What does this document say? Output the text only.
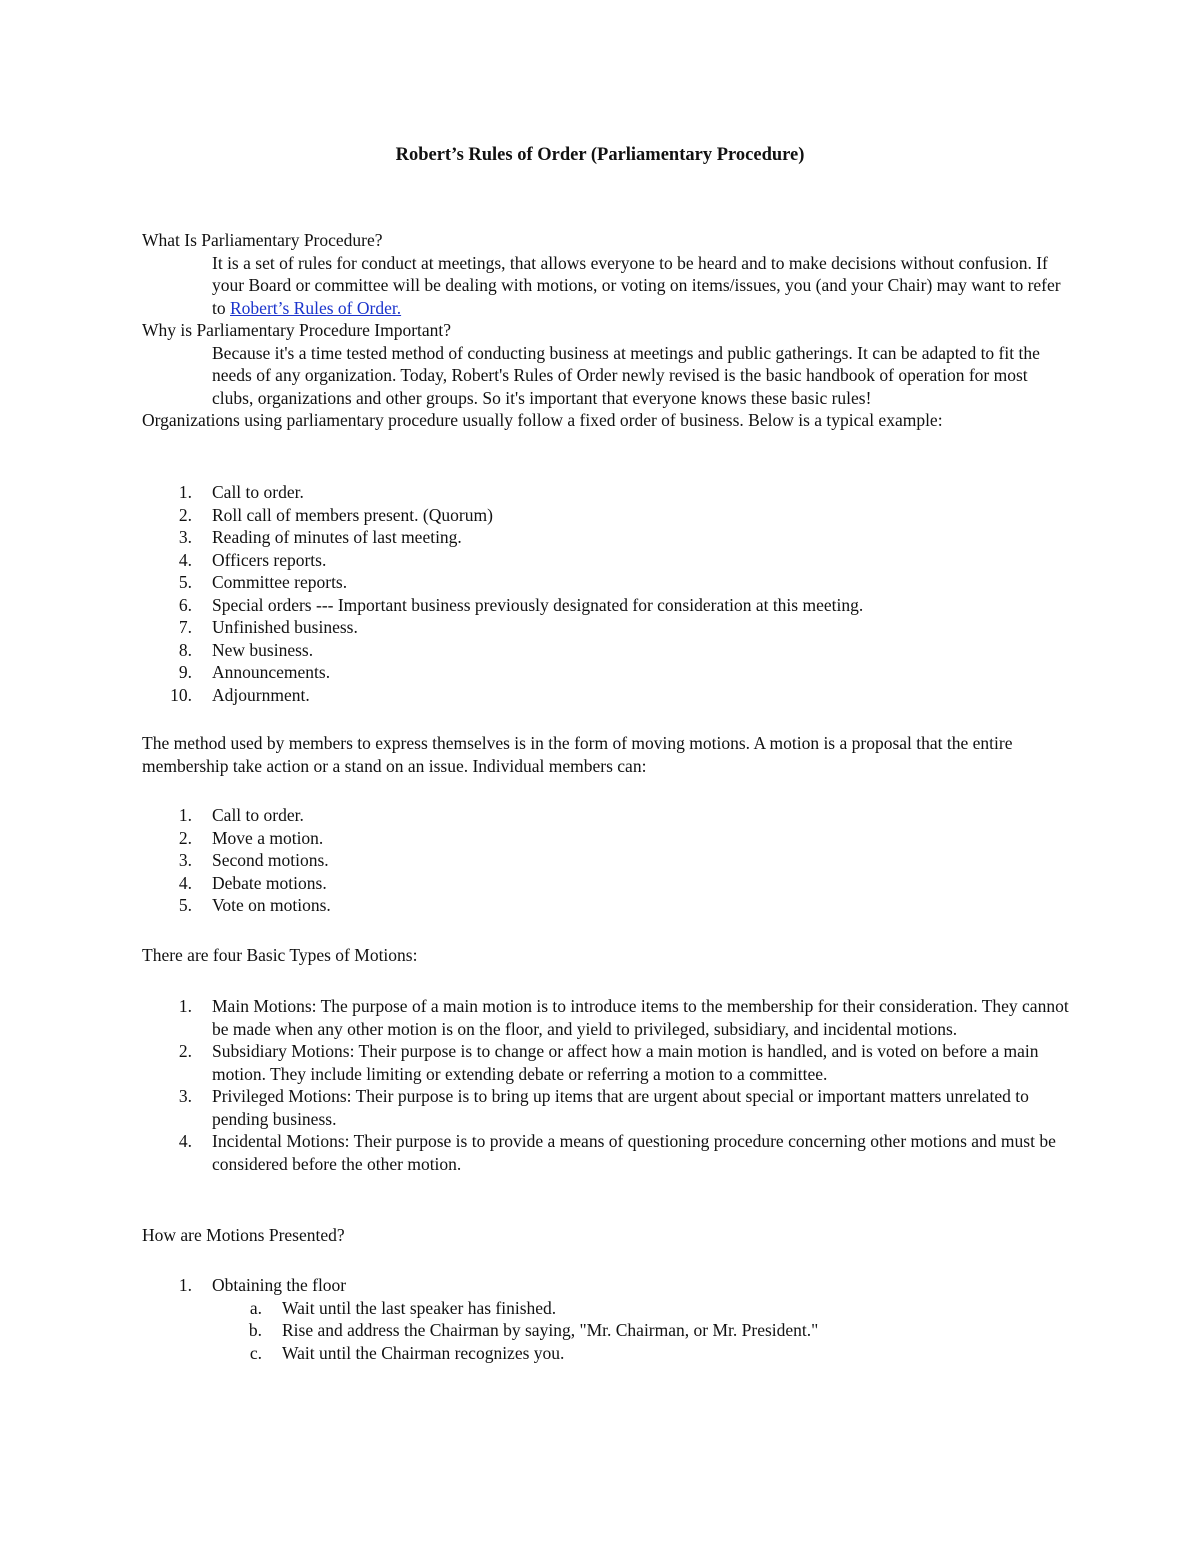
Robert’s Rules of Order (Parliamentary Procedure)

What Is Parliamentary Procedure?

It is a set of rules for conduct at meetings, that allows everyone to be heard and to make decisions without confusion. If your Board or committee will be dealing with motions, or voting on items/issues, you (and your Chair) may want to refer to Robert’s Rules of Order.

Why is Parliamentary Procedure Important?

Because it's a time tested method of conducting business at meetings and public gatherings. It can be adapted to fit the needs of any organization. Today, Robert's Rules of Order newly revised is the basic handbook of operation for most clubs, organizations and other groups. So it's important that everyone knows these basic rules!

Organizations using parliamentary procedure usually follow a fixed order of business. Below is a typical example:

1. Call to order.
2. Roll call of members present. (Quorum)
3. Reading of minutes of last meeting.
4. Officers reports.
5. Committee reports.
6. Special orders --- Important business previously designated for consideration at this meeting.
7. Unfinished business.
8. New business.
9. Announcements.
10. Adjournment.

The method used by members to express themselves is in the form of moving motions. A motion is a proposal that the entire membership take action or a stand on an issue. Individual members can:

1. Call to order.
2. Move a motion.
3. Second motions.
4. Debate motions.
5. Vote on motions.

There are four Basic Types of Motions:

1. Main Motions: The purpose of a main motion is to introduce items to the membership for their consideration. They cannot be made when any other motion is on the floor, and yield to privileged, subsidiary, and incidental motions.
2. Subsidiary Motions: Their purpose is to change or affect how a main motion is handled, and is voted on before a main motion. They include limiting or extending debate or referring a motion to a committee.
3. Privileged Motions: Their purpose is to bring up items that are urgent about special or important matters unrelated to pending business.
4. Incidental Motions: Their purpose is to provide a means of questioning procedure concerning other motions and must be considered before the other motion.

How are Motions Presented?

1. Obtaining the floor
a. Wait until the last speaker has finished.
b. Rise and address the Chairman by saying, "Mr. Chairman, or Mr. President."
c. Wait until the Chairman recognizes you.
